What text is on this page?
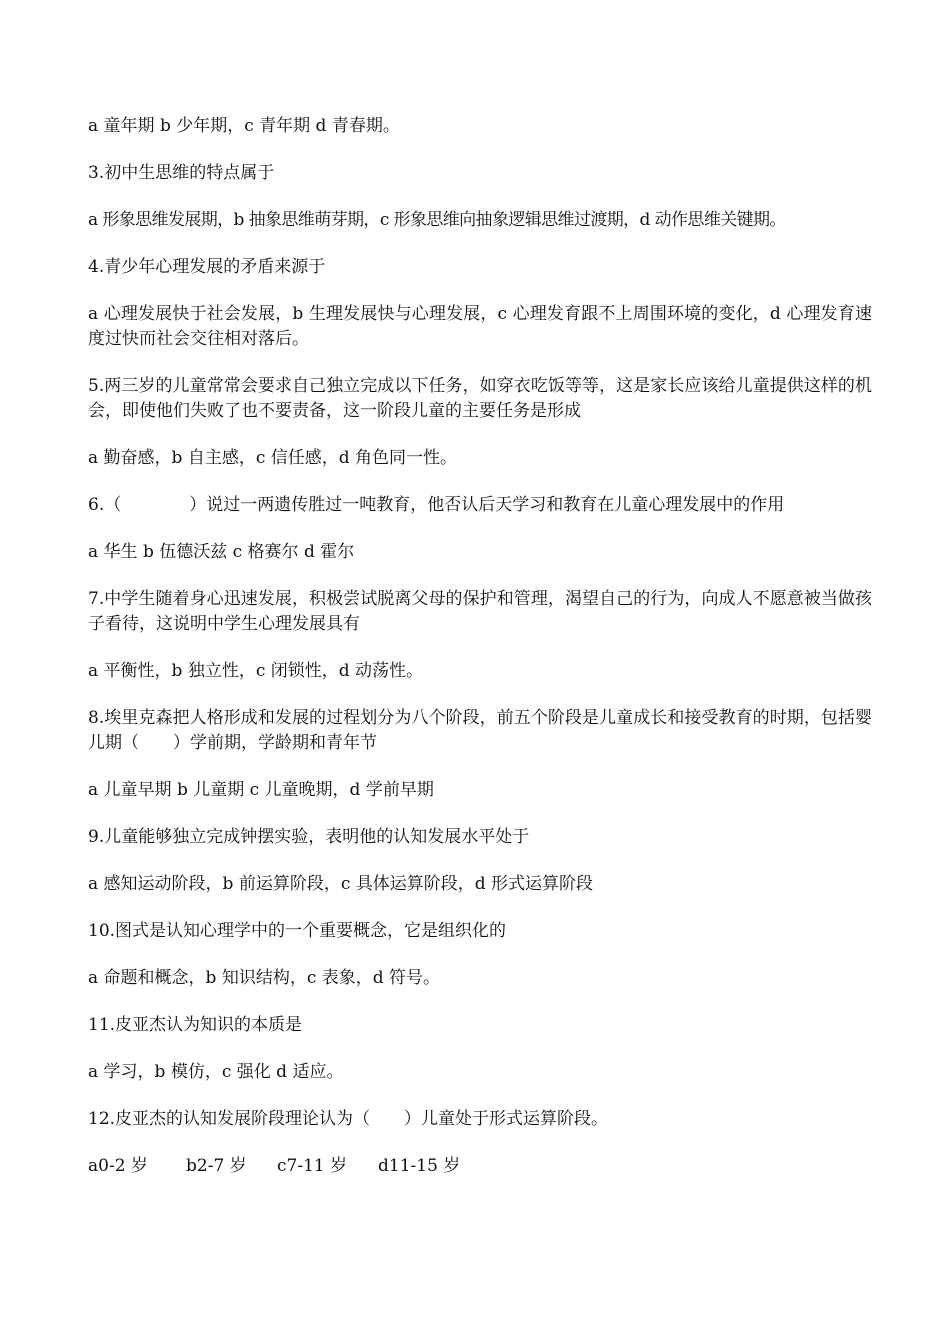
a 童年期 b 少年期，c 青年期 d 青春期。

3.初中生思维的特点属于

a 形象思维发展期，b 抽象思维萌芽期，c 形象思维向抽象逻辑思维过渡期，d 动作思维关键期。

4.青少年心理发展的矛盾来源于

a 心理发展快于社会发展，b 生理发展快与心理发展，c 心理发育跟不上周围环境的变化，d 心理发育速度过快而社会交往相对落后。

5.两三岁的儿童常常会要求自己独立完成以下任务，如穿衣吃饭等等，这是家长应该给儿童提供这样的机会，即使他们失败了也不要责备，这一阶段儿童的主要任务是形成

a 勤奋感，b 自主感，c 信任感，d 角色同一性。

6.（　　　　）说过一两遗传胜过一吨教育，他否认后天学习和教育在儿童心理发展中的作用

a 华生 b 伍德沃兹 c 格赛尔 d 霍尔

7.中学生随着身心迅速发展，积极尝试脱离父母的保护和管理，渴望自己的行为，向成人不愿意被当做孩子看待，这说明中学生心理发展具有

a 平衡性，b 独立性，c 闭锁性，d 动荡性。

8.埃里克森把人格形成和发展的过程划分为八个阶段，前五个阶段是儿童成长和接受教育的时期，包括婴儿期（　　）学前期，学龄期和青年节

a 儿童早期 b 儿童期 c 儿童晚期，d 学前早期

9.儿童能够独立完成钟摆实验，表明他的认知发展水平处于

a 感知运动阶段，b 前运算阶段，c 具体运算阶段，d 形式运算阶段

10.图式是认知心理学中的一个重要概念，它是组织化的

a 命题和概念，b 知识结构，c 表象，d 符号。

11.皮亚杰认为知识的本质是

a 学习，b 模仿，c 强化 d 适应。

12.皮亚杰的认知发展阶段理论认为（　　）儿童处于形式运算阶段。

a0-2 岁 b2-7 岁 c7-11 岁 d11-15 岁
